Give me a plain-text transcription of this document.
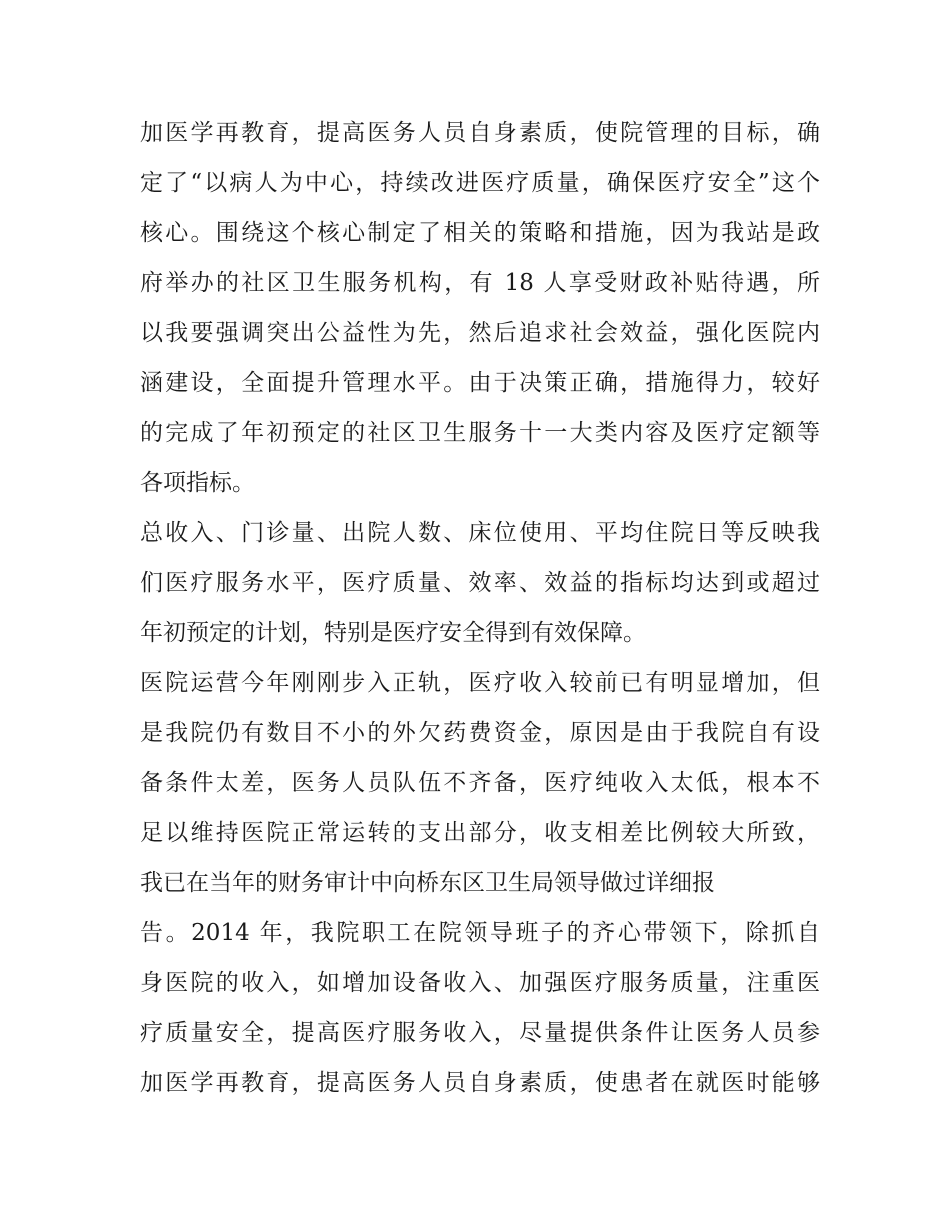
加医学再教育，提高医务人员自身素质，使院管理的目标，确
定了“以病人为中心，持续改进医疗质量，确保医疗安全”这个
核心。围绕这个核心制定了相关的策略和措施，因为我站是政
府举办的社区卫生服务机构，有 18 人享受财政补贴待遇，所
以我要强调突出公益性为先，然后追求社会效益，强化医院内
涵建设，全面提升管理水平。由于决策正确，措施得力，较好
的完成了年初预定的社区卫生服务十一大类内容及医疗定额等
各项指标。
总收入、门诊量、出院人数、床位使用、平均住院日等反映我
们医疗服务水平，医疗质量、效率、效益的指标均达到或超过
年初预定的计划，特别是医疗安全得到有效保障。
医院运营今年刚刚步入正轨，医疗收入较前已有明显增加，但
是我院仍有数目不小的外欠药费资金，原因是由于我院自有设
备条件太差，医务人员队伍不齐备，医疗纯收入太低，根本不
足以维持医院正常运转的支出部分，收支相差比例较大所致，
我已在当年的财务审计中向桥东区卫生局领导做过详细报
告。2014 年，我院职工在院领导班子的齐心带领下，除抓自
身医院的收入，如增加设备收入、加强医疗服务质量，注重医
疗质量安全，提高医疗服务收入，尽量提供条件让医务人员参
加医学再教育，提高医务人员自身素质，使患者在就医时能够
